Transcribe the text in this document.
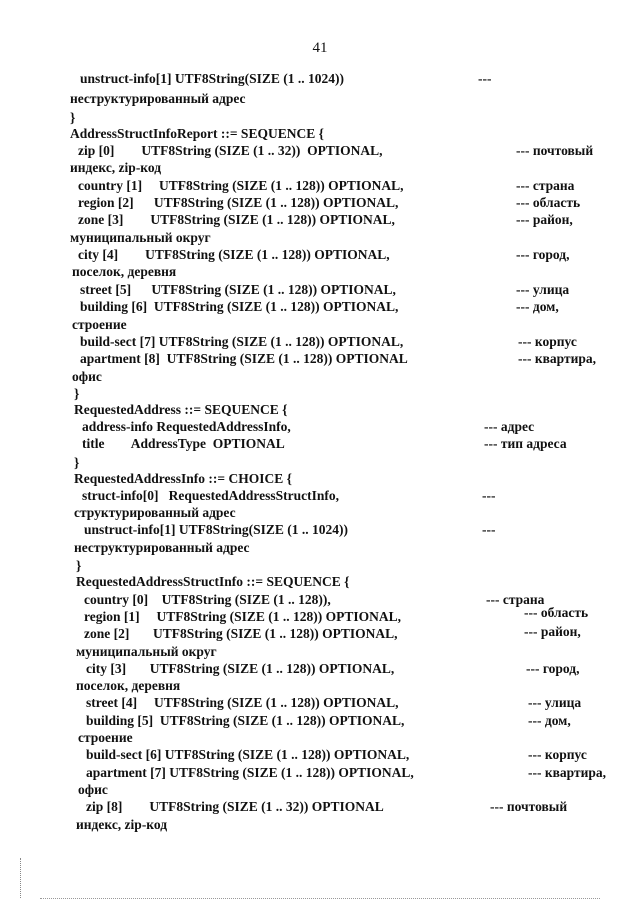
41
unstruct-info[1] UTF8String(SIZE (1 .. 1024))	---
неструктурированный адрес
}
AddressStructInfoReport ::= SEQUENCE {
zip [0]        UTF8String (SIZE (1 .. 32))  OPTIONAL,	--- почтовый
индекс, zip-код
country [1]     UTF8String (SIZE (1 .. 128)) OPTIONAL,	--- страна
region [2]      UTF8String (SIZE (1 .. 128)) OPTIONAL,	--- область
zone [3]        UTF8String (SIZE (1 .. 128)) OPTIONAL,	--- район,
муниципальный округ
city [4]        UTF8String (SIZE (1 .. 128)) OPTIONAL,	--- город,
поселок, деревня
street [5]      UTF8String (SIZE (1 .. 128)) OPTIONAL,	--- улица
building [6]  UTF8String (SIZE (1 .. 128)) OPTIONAL,	--- дом,
строение
build-sect [7] UTF8String (SIZE (1 .. 128)) OPTIONAL,	--- корпус
apartment [8]  UTF8String (SIZE (1 .. 128)) OPTIONAL	--- квартира,
офис
}
RequestedAddress ::= SEQUENCE {
address-info RequestedAddressInfo,	--- адрес
title        AddressType  OPTIONAL	--- тип адреса
}
RequestedAddressInfo ::= CHOICE {
struct-info[0]   RequestedAddressStructInfo,	---
структурированный адрес
unstruct-info[1] UTF8String(SIZE (1 .. 1024))	---
неструктурированный адрес
}
RequestedAddressStructInfo ::= SEQUENCE {
country [0]    UTF8String (SIZE (1 .. 128)),	--- страна
region [1]     UTF8String (SIZE (1 .. 128)) OPTIONAL,	--- область
zone [2]       UTF8String (SIZE (1 .. 128)) OPTIONAL,	--- район,
муниципальный округ
city [3]       UTF8String (SIZE (1 .. 128)) OPTIONAL,	--- город,
поселок, деревня
street [4]     UTF8String (SIZE (1 .. 128)) OPTIONAL,	--- улица
building [5]  UTF8String (SIZE (1 .. 128)) OPTIONAL,	--- дом,
строение
build-sect [6] UTF8String (SIZE (1 .. 128)) OPTIONAL,	--- корпус
apartment [7] UTF8String (SIZE (1 .. 128)) OPTIONAL,	--- квартира,
офис
zip [8]        UTF8String (SIZE (1 .. 32)) OPTIONAL	--- почтовый
индекс, zip-код
